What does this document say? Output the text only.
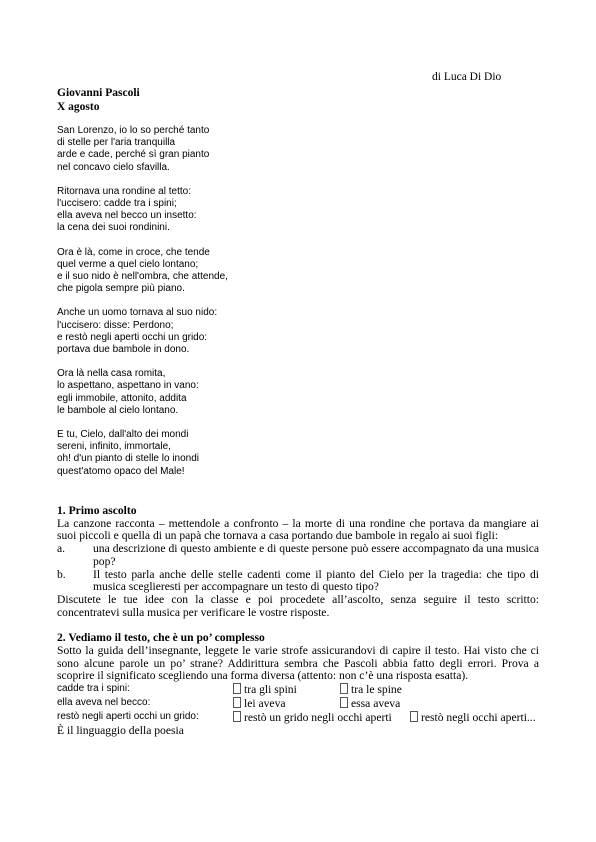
di Luca Di Dio
Giovanni Pascoli
X agosto
San Lorenzo, io lo so perché tanto
di stelle per l'aria tranquilla
arde e cade, perché sì gran pianto
nel concavo cielo sfavilla.
Ritornava una rondine al tetto:
l'uccisero: cadde tra i spini;
ella aveva nel becco un insetto:
la cena dei suoi rondinini.
Ora è là, come in croce, che tende
quel verme a quel cielo lontano;
e il suo nido è nell'ombra, che attende,
che pigola sempre più piano.
Anche un uomo tornava al suo nido:
l'uccisero: disse: Perdono;
e restò negli aperti occhi un grido:
portava due bambole in dono.
Ora là nella casa romita,
lo aspettano, aspettano in vano:
egli immobile, attonito, addita
le bambole al cielo lontano.
E tu, Cielo, dall'alto dei mondi
sereni, infinito, immortale,
oh! d'un pianto di stelle lo inondi
quest'atomo opaco del Male!

1. Primo ascolto

La canzone racconta – mettendole a confronto – la morte di una rondine che portava da mangiare ai suoi piccoli e quella di un papà che tornava a casa portando due bambole in regalo ai suoi figli:

a.	una descrizione di questo ambiente e di queste persone può essere accompagnato da una musica pop?
b.	Il testo parla anche delle stelle cadenti come il pianto del Cielo per la tragedia: che tipo di musica sceglieresti per accompagnare un testo di questo tipo?

Discutete le tue idee con la classe e poi procedete all’ascolto, senza seguire il testo scritto: concentratevi sulla musica per verificare le vostre risposte.

2. Vediamo il testo, che è un po’ complesso

Sotto la guida dell’insegnante, leggete le varie strofe assicurandovi di capire il testo. Hai visto che ci sono alcune parole un po’ strane? Addirittura sembra che Pascoli abbia fatto degli errori. Prova a scoprire il significato scegliendo una forma diversa (attento: non c’è una risposta esatta).

cadde tra i spini:	tra gli spini	tra le spine
ella aveva nel becco:	lei aveva	essa aveva
restò negli aperti occhi un grido:	restò un grido negli occhi aperti	restò negli occhi aperti...

È il linguaggio della poesia
